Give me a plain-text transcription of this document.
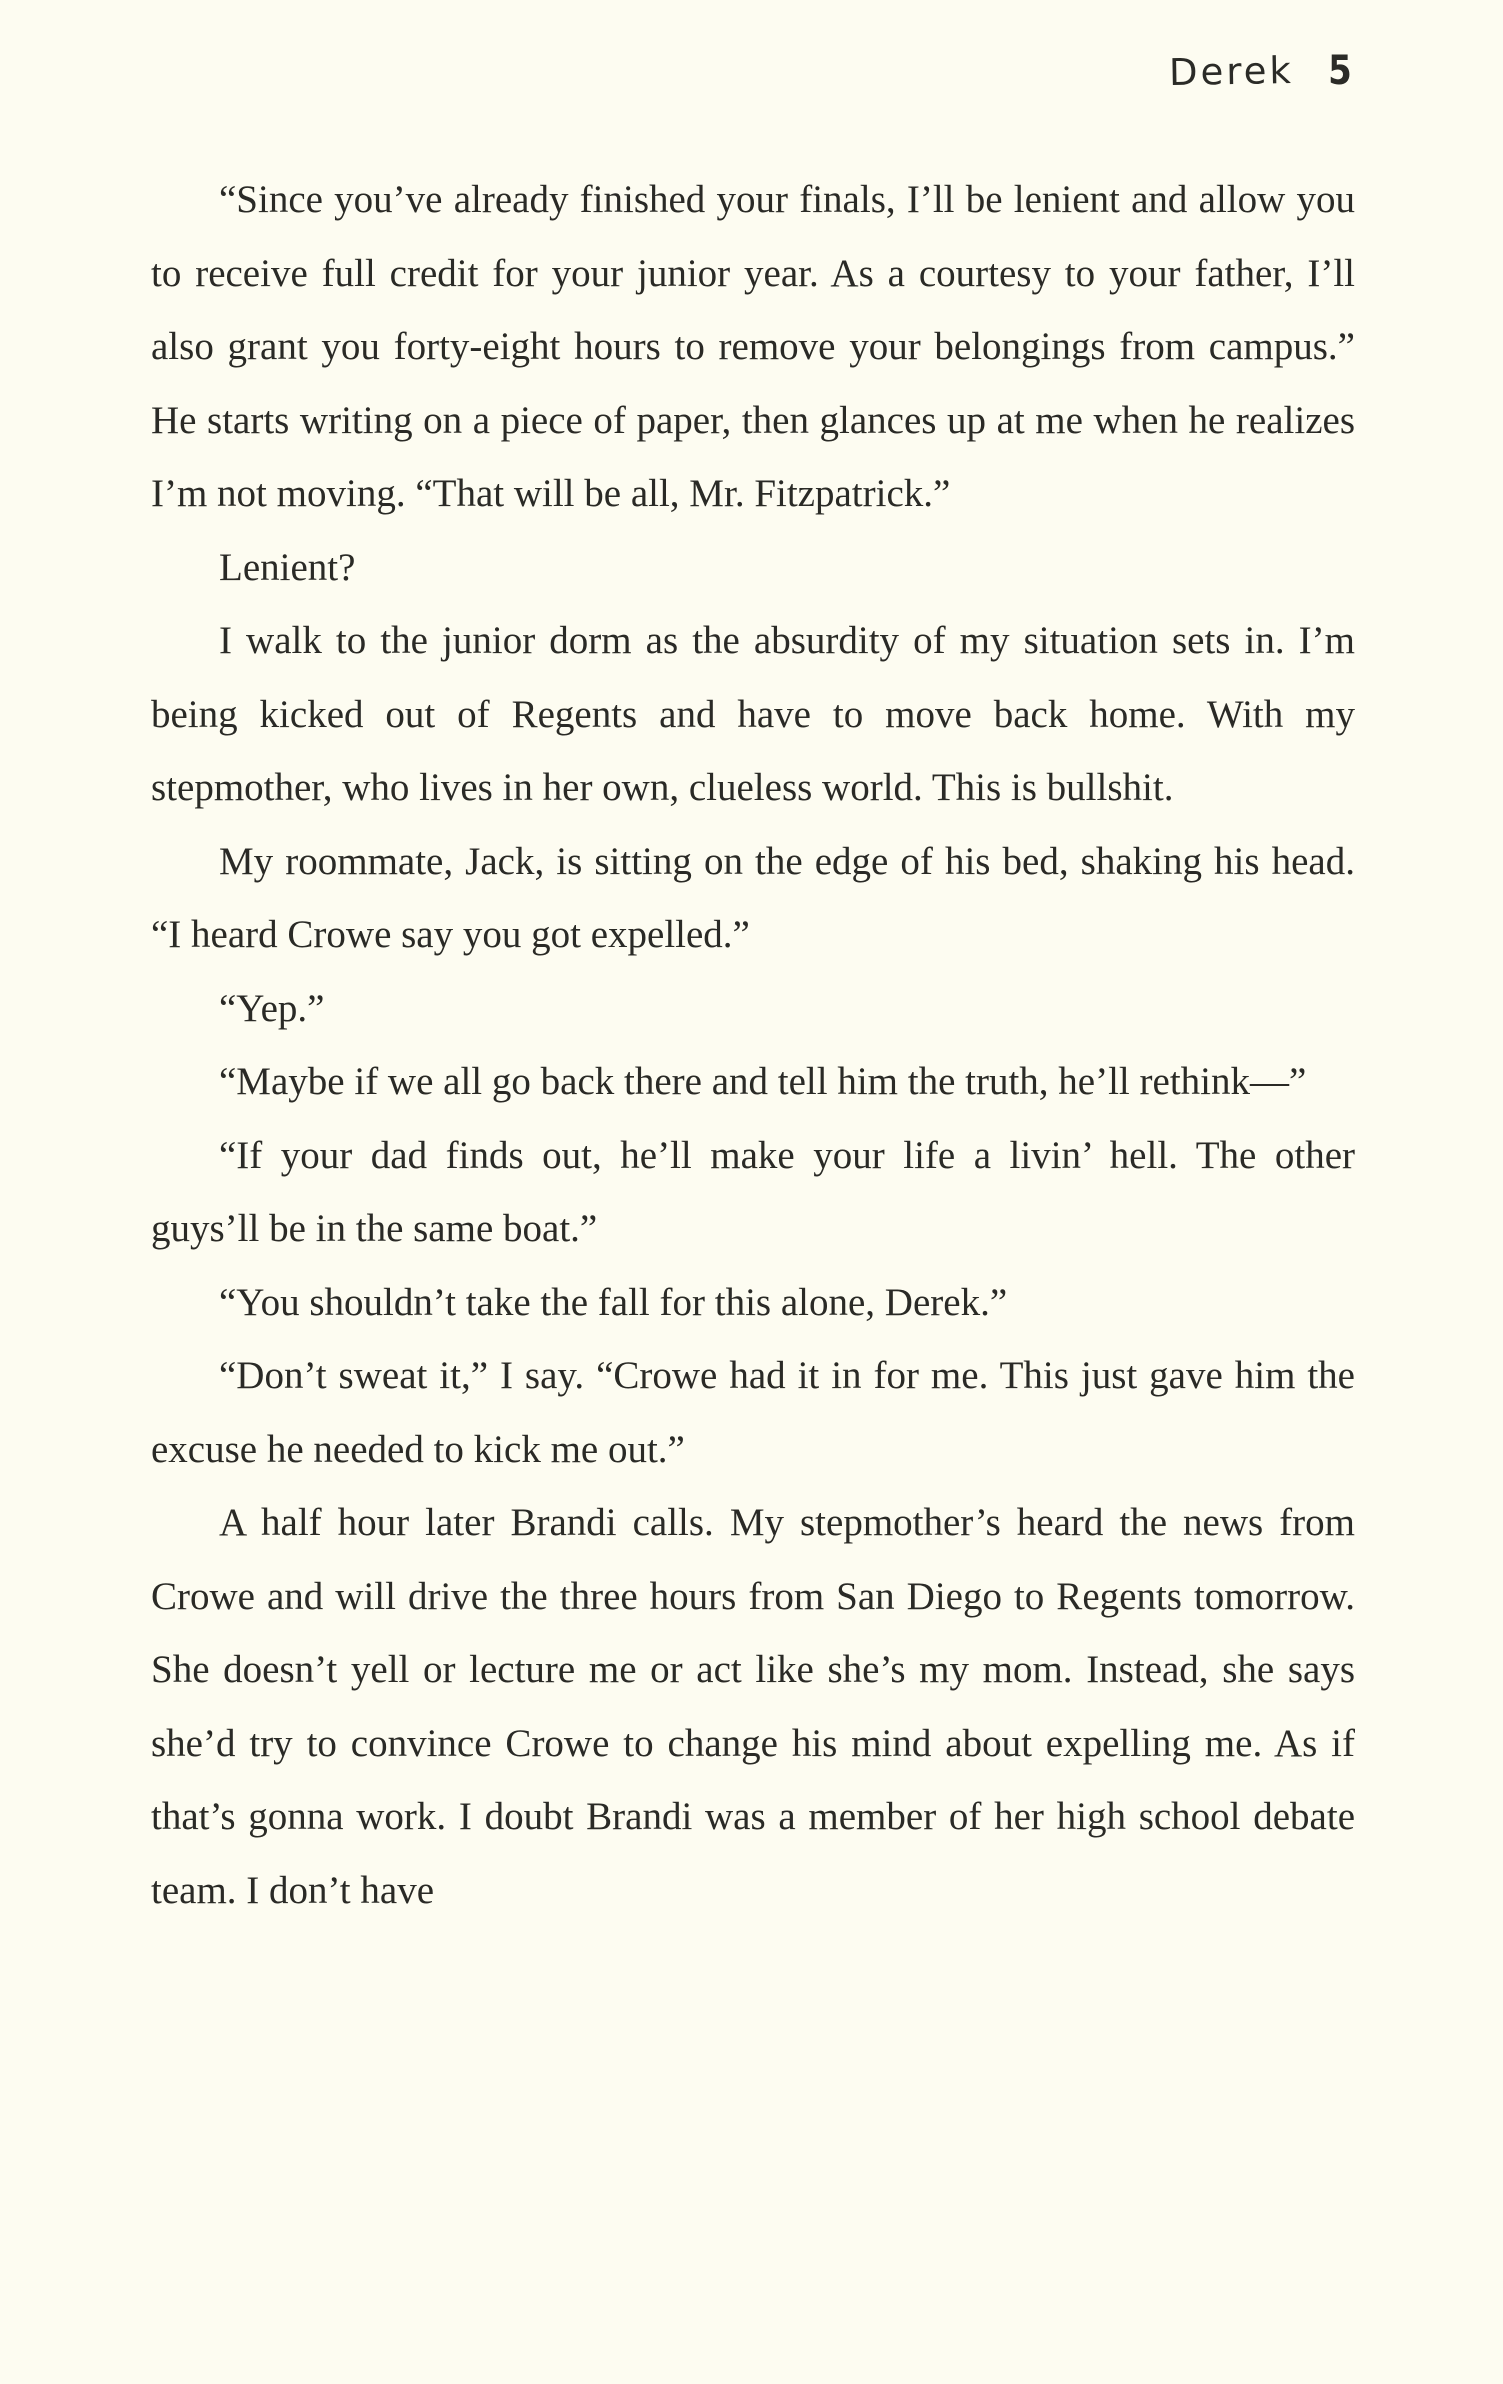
Derek 5

“Since you’ve already finished your finals, I’ll be lenient and allow you to receive full credit for your junior year. As a courtesy to your father, I’ll also grant you forty-eight hours to remove your belongings from campus.” He starts writing on a piece of paper, then glances up at me when he realizes I’m not moving. “That will be all, Mr. Fitzpatrick.”

Lenient?

I walk to the junior dorm as the absurdity of my situation sets in. I’m being kicked out of Regents and have to move back home. With my stepmother, who lives in her own, clueless world. This is bullshit.

My roommate, Jack, is sitting on the edge of his bed, shaking his head. “I heard Crowe say you got expelled.”

“Yep.”

“Maybe if we all go back there and tell him the truth, he’ll rethink—”

“If your dad finds out, he’ll make your life a livin’ hell. The other guys’ll be in the same boat.”

“You shouldn’t take the fall for this alone, Derek.”

“Don’t sweat it,” I say. “Crowe had it in for me. This just gave him the excuse he needed to kick me out.”

A half hour later Brandi calls. My stepmother’s heard the news from Crowe and will drive the three hours from San Diego to Regents tomorrow. She doesn’t yell or lecture me or act like she’s my mom. Instead, she says she’d try to convince Crowe to change his mind about expelling me. As if that’s gonna work. I doubt Brandi was a member of her high school debate team. I don’t have
